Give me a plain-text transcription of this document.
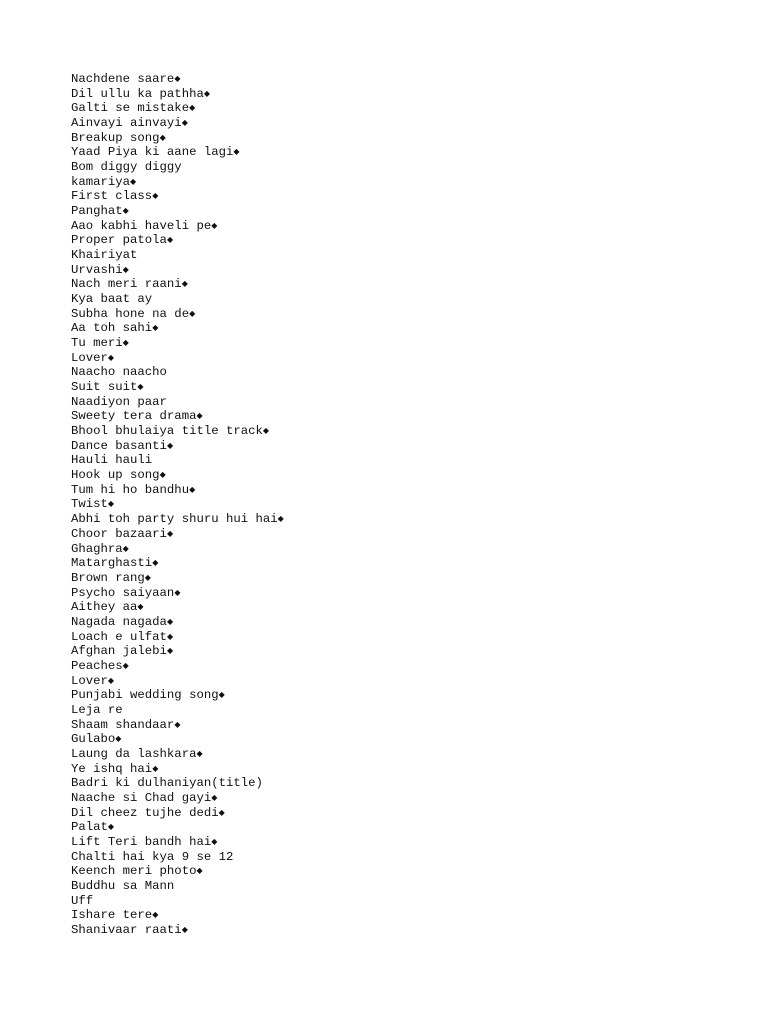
Nachdene saare◆
Dil ullu ka pathha◆
Galti se mistake◆
Ainvayi ainvayi◆
Breakup song◆
Yaad Piya ki aane lagi◆
Bom diggy diggy
kamariya◆
First class◆
Panghat◆
Aao kabhi haveli pe◆
Proper patola◆
Khairiyat
Urvashi◆
Nach meri raani◆
Kya baat ay
Subha hone na de◆
Aa toh sahi◆
Tu meri◆
Lover◆
Naacho naacho
Suit suit◆
Naadiyon paar
Sweety tera drama◆
Bhool bhulaiya title track◆
Dance basanti◆
Hauli hauli
Hook up song◆
Tum hi ho bandhu◆
Twist◆
Abhi toh party shuru hui hai◆
Choor bazaari◆
Ghaghra◆
Matarghasti◆
Brown rang◆
Psycho saiyaan◆
Aithey aa◆
Nagada nagada◆
Loach e ulfat◆
Afghan jalebi◆
Peaches◆
Lover◆
Punjabi wedding song◆
Leja re
Shaam shandaar◆
Gulabo◆
Laung da lashkara◆
Ye ishq hai◆
Badri ki dulhaniyan(title)
Naache si Chad gayi◆
Dil cheez tujhe dedi◆
Palat◆
Lift Teri bandh hai◆
Chalti hai kya 9 se 12
Keench meri photo◆
Buddhu sa Mann
Uff
Ishare tere◆
Shanivaar raati◆
